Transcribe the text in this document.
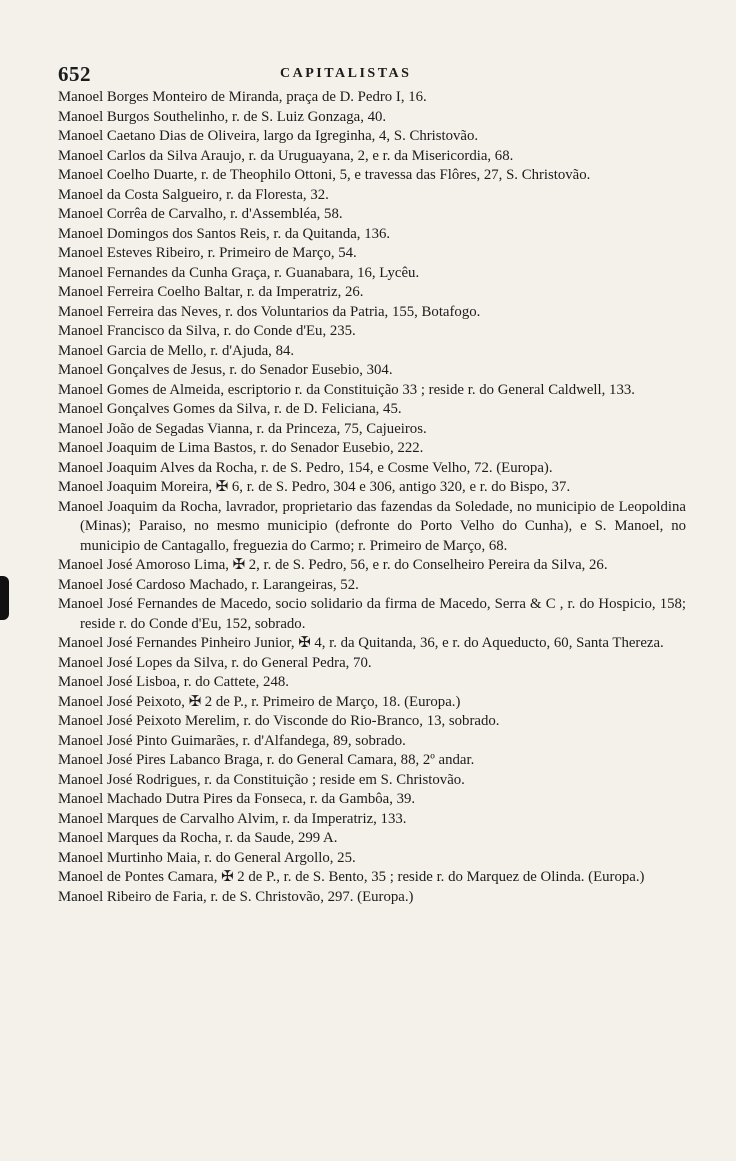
652	CAPITALISTAS
Manoel Borges Monteiro de Miranda, praça de D. Pedro I, 16.
Manoel Burgos Southelinho, r. de S. Luiz Gonzaga, 40.
Manoel Caetano Dias de Oliveira, largo da Igreginha, 4, S. Christovão.
Manoel Carlos da Silva Araujo, r. da Uruguayana, 2, e r. da Misericordia, 68.
Manoel Coelho Duarte, r. de Theophilo Ottoni, 5, e travessa das Flôres, 27, S. Christovão.
Manoel da Costa Salgueiro, r. da Floresta, 32.
Manoel Corrêa de Carvalho, r. d'Assembléa, 58.
Manoel Domingos dos Santos Reis, r. da Quitanda, 136.
Manoel Esteves Ribeiro, r. Primeiro de Março, 54.
Manoel Fernandes da Cunha Graça, r. Guanabara, 16, Lycêu.
Manoel Ferreira Coelho Baltar, r. da Imperatriz, 26.
Manoel Ferreira das Neves, r. dos Voluntarios da Patria, 155, Botafogo.
Manoel Francisco da Silva, r. do Conde d'Eu, 235.
Manoel Garcia de Mello, r. d'Ajuda, 84.
Manoel Gonçalves de Jesus, r. do Senador Eusebio, 304.
Manoel Gomes de Almeida, escriptorio r. da Constituição 33 ; reside r. do General Caldwell, 133.
Manoel Gonçalves Gomes da Silva, r. de D. Feliciana, 45.
Manoel João de Segadas Vianna, r. da Princeza, 75, Cajueiros.
Manoel Joaquim de Lima Bastos, r. do Senador Eusebio, 222.
Manoel Joaquim Alves da Rocha, r. de S. Pedro, 154, e Cosme Velho, 72. (Europa).
Manoel Joaquim Moreira, ✠ 6, r. de S. Pedro, 304 e 306, antigo 320, e r. do Bispo, 37.
Manoel Joaquim da Rocha, lavrador, proprietario das fazendas da Soledade, no municipio de Leopoldina (Minas); Paraiso, no mesmo municipio (defronte do Porto Velho do Cunha), e S. Manoel, no municipio de Cantagallo, freguezia do Carmo; r. Primeiro de Março, 68.
Manoel José Amoroso Lima, ✠ 2, r. de S. Pedro, 56, e r. do Conselheiro Pereira da Silva, 26.
Manoel José Cardoso Machado, r. Larangeiras, 52.
Manoel José Fernandes de Macedo, socio solidario da firma de Macedo, Serra & C , r. do Hospicio, 158; reside r. do Conde d'Eu, 152, sobrado.
Manoel José Fernandes Pinheiro Junior, ✠ 4, r. da Quitanda, 36, e r. do Aqueducto, 60, Santa Thereza.
Manoel José Lopes da Silva, r. do General Pedra, 70.
Manoel José Lisboa, r. do Cattete, 248.
Manoel José Peixoto, ✠ 2 de P., r. Primeiro de Março, 18. (Europa.)
Manoel José Peixoto Merelim, r. do Visconde do Rio-Branco, 13, sobrado.
Manoel José Pinto Guimarães, r. d'Alfandega, 89, sobrado.
Manoel José Pires Labanco Braga, r. do General Camara, 88, 2º andar.
Manoel José Rodrigues, r. da Constituição ; reside em S. Christovão.
Manoel Machado Dutra Pires da Fonseca, r. da Gambôa, 39.
Manoel Marques de Carvalho Alvim, r. da Imperatriz, 133.
Manoel Marques da Rocha, r. da Saude, 299 A.
Manoel Murtinho Maia, r. do General Argollo, 25.
Manoel de Pontes Camara, ✠ 2 de P., r. de S. Bento, 35 ; reside r. do Marquez de Olinda. (Europa.)
Manoel Ribeiro de Faria, r. de S. Christovão, 297. (Europa.)
